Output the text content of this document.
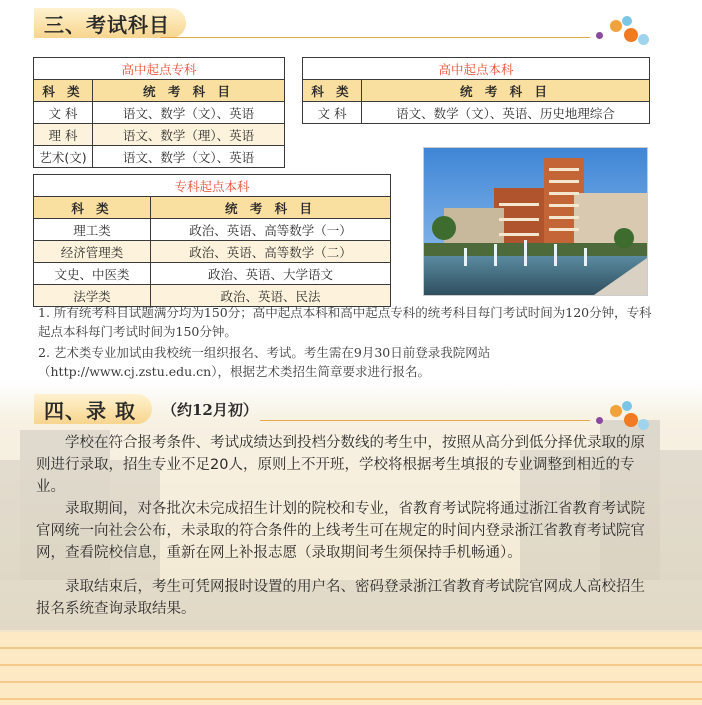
三、考试科目
高中起点专科	
科 类	统 考 科 目
文 科	语文、数学（文）、英语
理 科	语文、数学（理）、英语
艺术(文)	语文、数学（文）、英语
高中起点本科	
科 类	统 考 科 目
文 科	语文、数学（文）、英语、历史地理综合
专科起点本科	
科 类	统 考 科 目
理工类	政治、英语、高等数学（一）
经济管理类	政治、英语、高等数学（二）
文史、中医类	政治、英语、大学语文
法学类	政治、英语、民法

1. 所有统考科目试题满分均为150分；高中起点本科和高中起点专科的统考科目每门考试时间为120分钟，专科起点本科每门考试时间为150分钟。

2. 艺术类专业加试由我校统一组织报名、考试。考生需在9月30日前登录我院网站（http://www.cj.zstu.edu.cn），根据艺术类招生简章要求进行报名。

四、录 取	（约12月初）

学校在符合报考条件、考试成绩达到投档分数线的考生中，按照从高分到低分择优录取的原则进行录取，招生专业不足20人，原则上不开班，学校将根据考生填报的专业调整到相近的专业。

录取期间，对各批次未完成招生计划的院校和专业，省教育考试院将通过浙江省教育考试院官网统一向社会公布，未录取的符合条件的上线考生可在规定的时间内登录浙江省教育考试院官网，查看院校信息，重新在网上补报志愿（录取期间考生须保持手机畅通）。

录取结束后，考生可凭网报时设置的用户名、密码登录浙江省教育考试院官网成人高校招生报名系统查询录取结果。
